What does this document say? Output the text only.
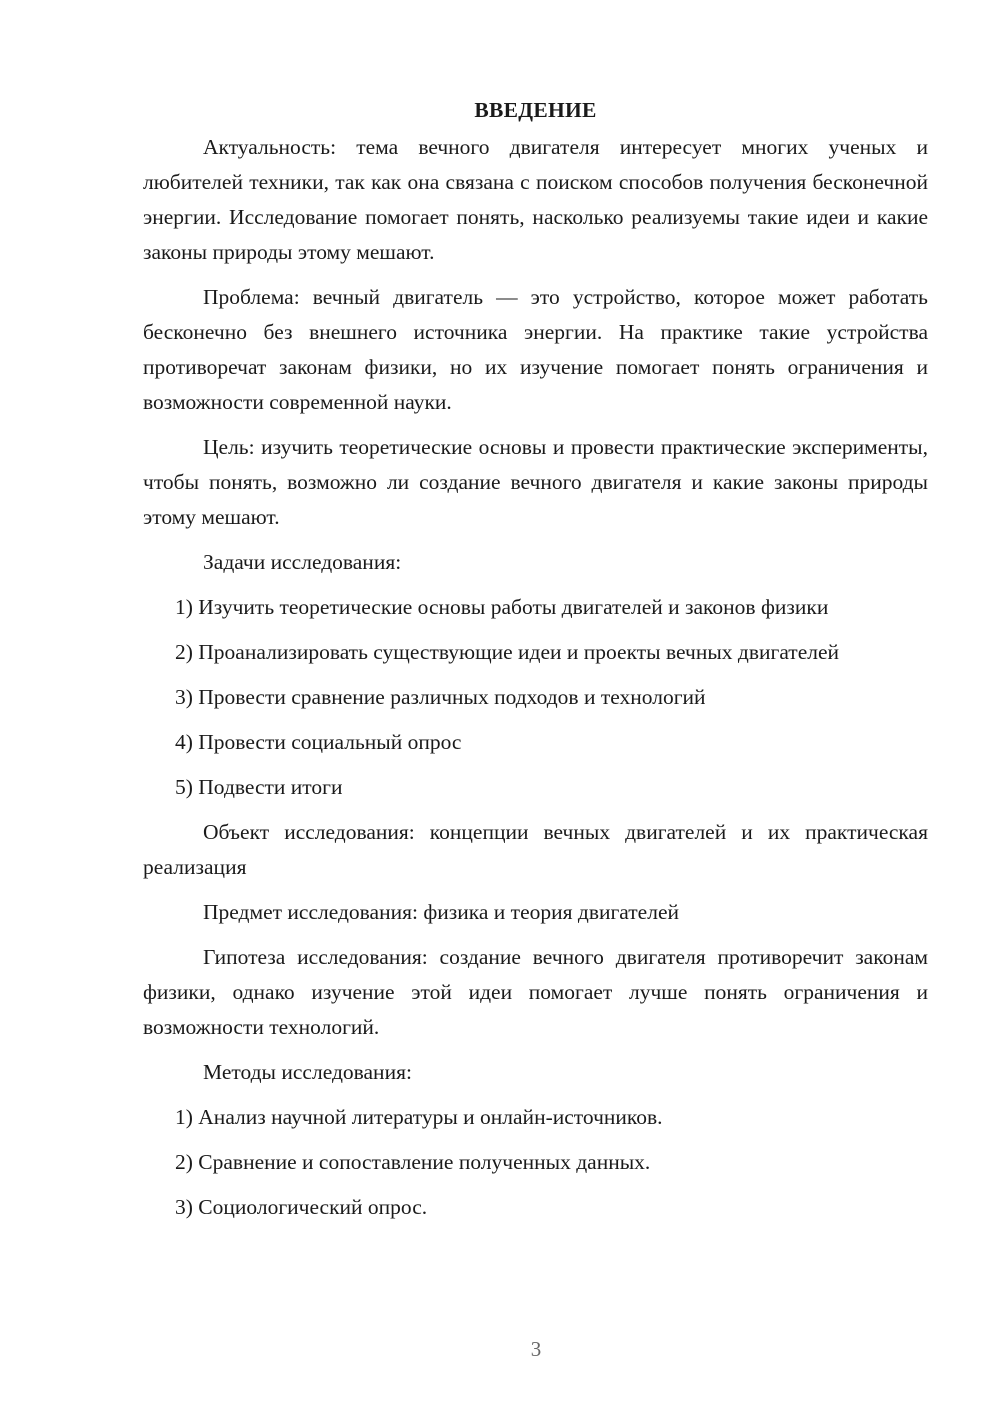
ВВЕДЕНИЕ

Актуальность: тема вечного двигателя интересует многих ученых и любителей техники, так как она связана с поиском способов получения бесконечной энергии. Исследование помогает понять, насколько реализуемы такие идеи и какие законы природы этому мешают.

Проблема: вечный двигатель — это устройство, которое может работать бесконечно без внешнего источника энергии. На практике такие устройства противоречат законам физики, но их изучение помогает понять ограничения и возможности современной науки.

Цель: изучить теоретические основы и провести практические эксперименты, чтобы понять, возможно ли создание вечного двигателя и какие законы природы этому мешают.

Задачи исследования:

1) Изучить теоретические основы работы двигателей и законов физики

2) Проанализировать существующие идеи и проекты вечных двигателей

3) Провести сравнение различных подходов и технологий

4) Провести социальный опрос

5) Подвести итоги

Объект исследования: концепции вечных двигателей и их практическая реализация

Предмет исследования: физика и теория двигателей

Гипотеза исследования: создание вечного двигателя противоречит законам физики, однако изучение этой идеи помогает лучше понять ограничения и возможности технологий.

Методы исследования:

1) Анализ научной литературы и онлайн-источников.

2) Сравнение и сопоставление полученных данных.

3) Социологический опрос.

3
